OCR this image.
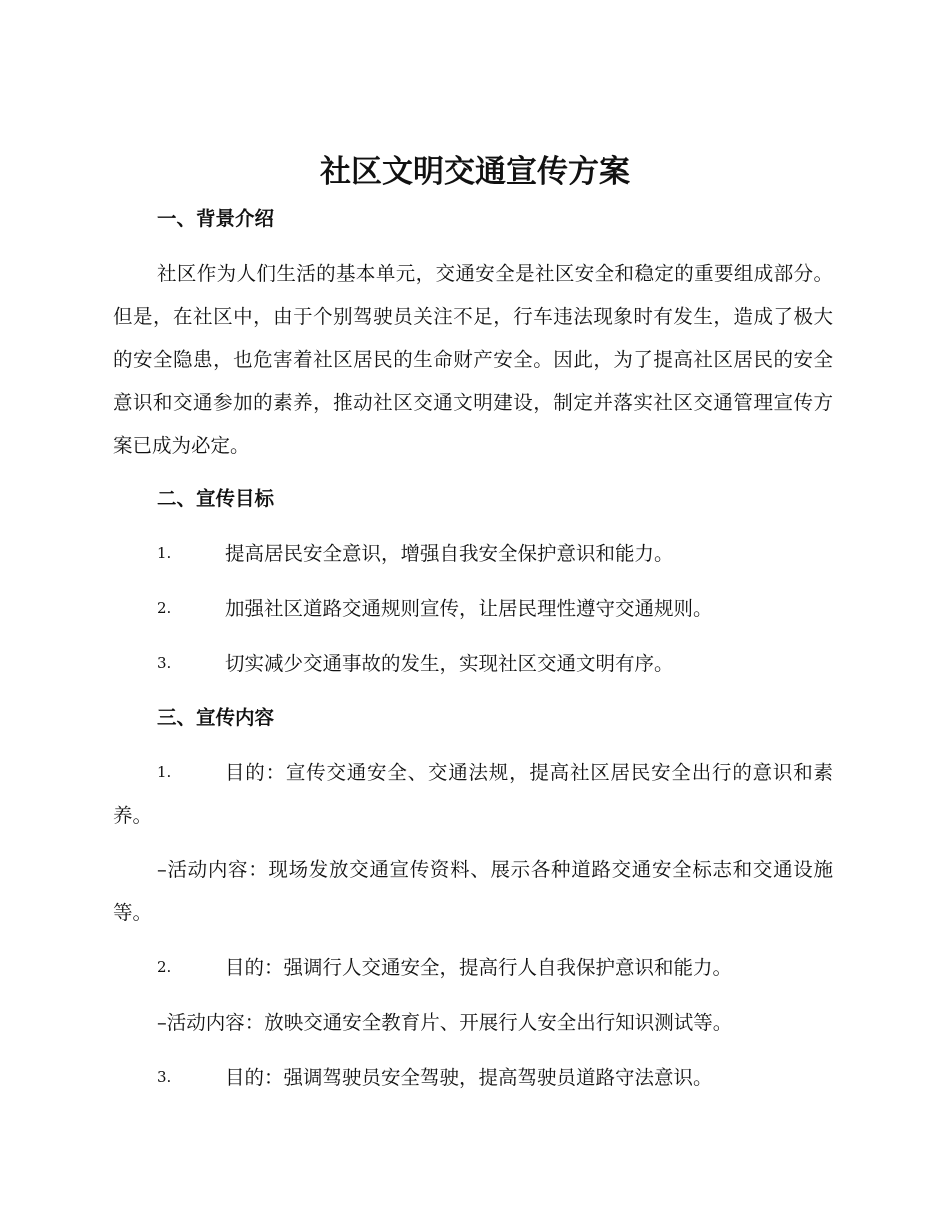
社区文明交通宣传方案
一、背景介绍

社区作为人们生活的基本单元，交通安全是社区安全和稳定的重要组成部分。但是，在社区中，由于个别驾驶员关注不足，行车违法现象时有发生，造成了极大的安全隐患，也危害着社区居民的生命财产安全。因此，为了提高社区居民的安全意识和交通参加的素养，推动社区交通文明建设，制定并落实社区交通管理宣传方案已成为必定。

二、宣传目标
1.	提高居民安全意识，增强自我安全保护意识和能力。
2.	加强社区道路交通规则宣传，让居民理性遵守交通规则。
3.	切实减少交通事故的发生，实现社区交通文明有序。
三、宣传内容
1.	目的：宣传交通安全、交通法规，提高社区居民安全出行的意识和素养。

–活动内容：现场发放交通宣传资料、展示各种道路交通安全标志和交通设施等。

2.	目的：强调行人交通安全，提高行人自我保护意识和能力。

–活动内容：放映交通安全教育片、开展行人安全出行知识测试等。

3.	目的：强调驾驶员安全驾驶，提高驾驶员道路守法意识。
